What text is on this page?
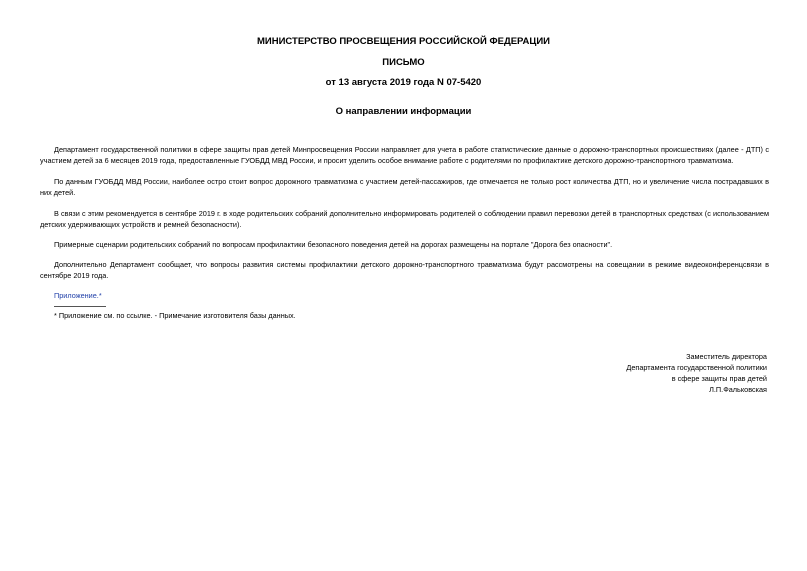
МИНИСТЕРСТВО ПРОСВЕЩЕНИЯ РОССИЙСКОЙ ФЕДЕРАЦИИ
ПИСЬМО
от 13 августа 2019 года N 07-5420
О направлении информации

Департамент государственной политики в сфере защиты прав детей Минпросвещения России направляет для учета в работе статистические данные о дорожно-транспортных происшествиях (далее - ДТП) с участием детей за 6 месяцев 2019 года, предоставленные ГУОБДД МВД России, и просит уделить особое внимание работе с родителями по профилактике детского дорожно-транспортного травматизма.

По данным ГУОБДД МВД России, наиболее остро стоит вопрос дорожного травматизма с участием детей-пассажиров, где отмечается не только рост количества ДТП, но и увеличение числа пострадавших в них детей.

В связи с этим рекомендуется в сентябре 2019 г. в ходе родительских собраний дополнительно информировать родителей о соблюдении правил перевозки детей в транспортных средствах (с использованием детских удерживающих устройств и ремней безопасности).

Примерные сценарии родительских собраний по вопросам профилактики безопасного поведения детей на дорогах размещены на портале "Дорога без опасности".

Дополнительно Департамент сообщает, что вопросы развития системы профилактики детского дорожно-транспортного травматизма будут рассмотрены на совещании в режиме видеоконференцсвязи в сентябре 2019 года.

Приложение.*
* Приложение см. по ссылке. - Примечание изготовителя базы данных.
Заместитель директора
Департамента государственной политики
в сфере защиты прав детей
Л.П.Фальковская
